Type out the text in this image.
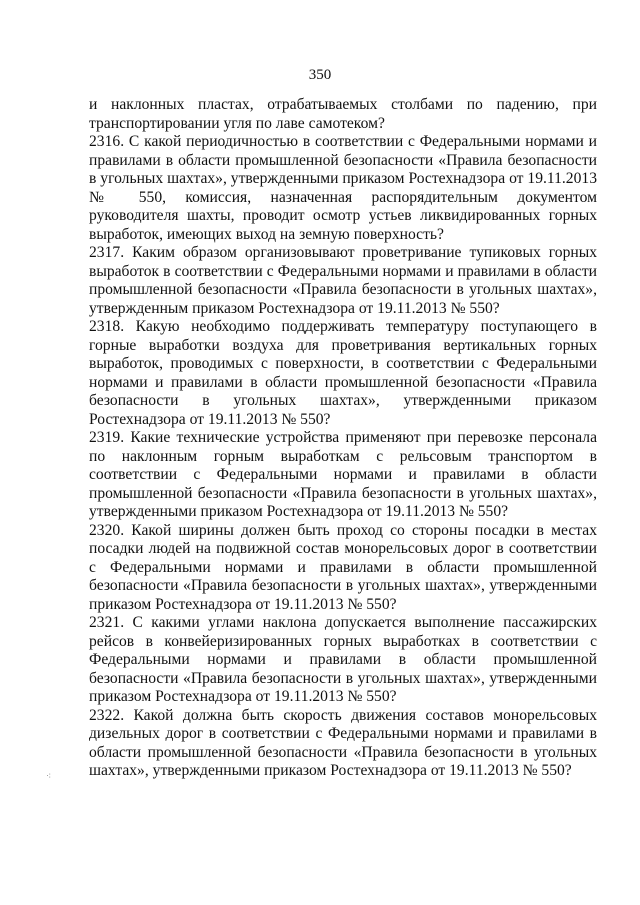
350

и наклонных пластах, отрабатываемых столбами по падению, при транспортировании угля по лаве самотеком?

2316. С какой периодичностью в соответствии с Федеральными нормами и правилами в области промышленной безопасности «Правила безопасности в угольных шахтах», утвержденными приказом Ростехнадзора от 19.11.2013 № 550, комиссия, назначенная распорядительным документом руководителя шахты, проводит осмотр устьев ликвидированных горных выработок, имеющих выход на земную поверхность?

2317. Каким образом организовывают проветривание тупиковых горных выработок в соответствии с Федеральными нормами и правилами в области промышленной безопасности «Правила безопасности в угольных шахтах», утвержденным приказом Ростехнадзора от 19.11.2013 № 550?

2318. Какую необходимо поддерживать температуру поступающего в горные выработки воздуха для проветривания вертикальных горных выработок, проводимых с поверхности, в соответствии с Федеральными нормами и правилами в области промышленной безопасности «Правила безопасности в угольных шахтах», утвержденными приказом Ростехнадзора от 19.11.2013 № 550?

2319. Какие технические устройства применяют при перевозке персонала по наклонным горным выработкам с рельсовым транспортом в соответствии с Федеральными нормами и правилами в области промышленной безопасности «Правила безопасности в угольных шахтах», утвержденными приказом Ростехнадзора от 19.11.2013 № 550?

2320. Какой ширины должен быть проход со стороны посадки в местах посадки людей на подвижной состав монорельсовых дорог в соответствии с Федеральными нормами и правилами в области промышленной безопасности «Правила безопасности в угольных шахтах», утвержденными приказом Ростехнадзора от 19.11.2013 № 550?

2321. С какими углами наклона допускается выполнение пассажирских рейсов в конвейеризированных горных выработках в соответствии с Федеральными нормами и правилами в области промышленной безопасности «Правила безопасности в угольных шахтах», утвержденными приказом Ростехнадзора от 19.11.2013 № 550?

2322. Какой должна быть скорость движения составов монорельсовых дизельных дорог в соответствии с Федеральными нормами и правилами в области промышленной безопасности «Правила безопасности в угольных шахтах», утвержденными приказом Ростехнадзора от 19.11.2013 № 550?

⁖
